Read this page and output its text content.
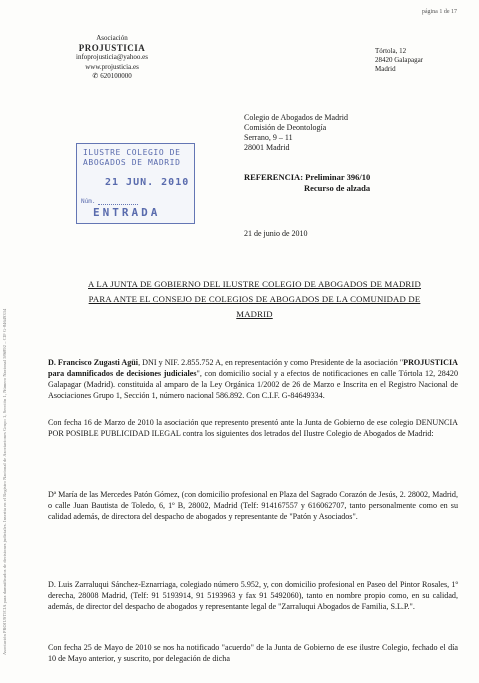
página 1 de 17
Asociación PROJUSTICIA para damnificados de decisiones judiciales. Inscrita en el Registro Nacional de Asociaciones Grupo 1, Sección 1, Número Nacional 586892 – CIF G-84649334
Asociación
PROJUSTICIA
infoprojusticia@yahoo.es
www.projusticia.es
✆ 620100000
Tórtola, 12
28420 Galapagar
Madrid
Colegio de Abogados de Madrid
Comisión de Deontología
Serrano, 9 – 11
28001 Madrid
ILUSTRE COLEGIO DE
ABOGADOS DE MADRID
21 JUN. 2010
Núm.
ENTRADA
REFERENCIA: Preliminar 396/10
Recurso de alzada
21 de junio de 2010
A LA JUNTA DE GOBIERNO DEL ILUSTRE COLEGIO DE ABOGADOS DE MADRID
PARA ANTE EL CONSEJO DE COLEGIOS DE ABOGADOS DE LA COMUNIDAD DE
MADRID
D. Francisco Zugasti Agüi, DNI y NIF. 2.855.752 A, en representación y como Presidente de la asociación "PROJUSTICIA para damnificados de decisiones judiciales", con domicilio social y a efectos de notificaciones en calle Tórtola 12, 28420 Galapagar (Madrid). constituida al amparo de la Ley Orgánica 1/2002 de 26 de Marzo e Inscrita en el Registro Nacional de Asociaciones Grupo 1, Sección 1, número nacional 586.892. Con C.I.F. G-84649334.
Con fecha 16 de Marzo de 2010 la asociación que represento presentó ante la Junta de Gobierno de ese colegio DENUNCIA POR POSIBLE PUBLICIDAD ILEGAL contra los siguientes dos letrados del Ilustre Colegio de Abogados de Madrid:
Dª María de las Mercedes Patón Gómez, (con domicilio profesional en Plaza del Sagrado Corazón de Jesús, 2. 28002, Madrid, o calle Juan Bautista de Toledo, 6, 1º B, 28002, Madrid (Telf: 914167557 y 616062707, tanto personalmente como en su calidad además, de directora del despacho de abogados y representante de "Patón y Asociados".
D. Luis Zarraluqui Sánchez-Eznarriaga, colegiado número 5.952, y, con domicilio profesional en Paseo del Pintor Rosales, 1º derecha, 28008 Madrid, (Telf: 91 5193914, 91 5193963 y fax 91 5492060), tanto en nombre propio como, en su calidad, además, de director del despacho de abogados y representante legal de "Zarraluqui Abogados de Familia, S.L.P.".
Con fecha 25 de Mayo de 2010 se nos ha notificado "acuerdo" de la Junta de Gobierno de ese ilustre Colegio, fechado el día 10 de Mayo anterior, y suscrito, por delegación de dicha
